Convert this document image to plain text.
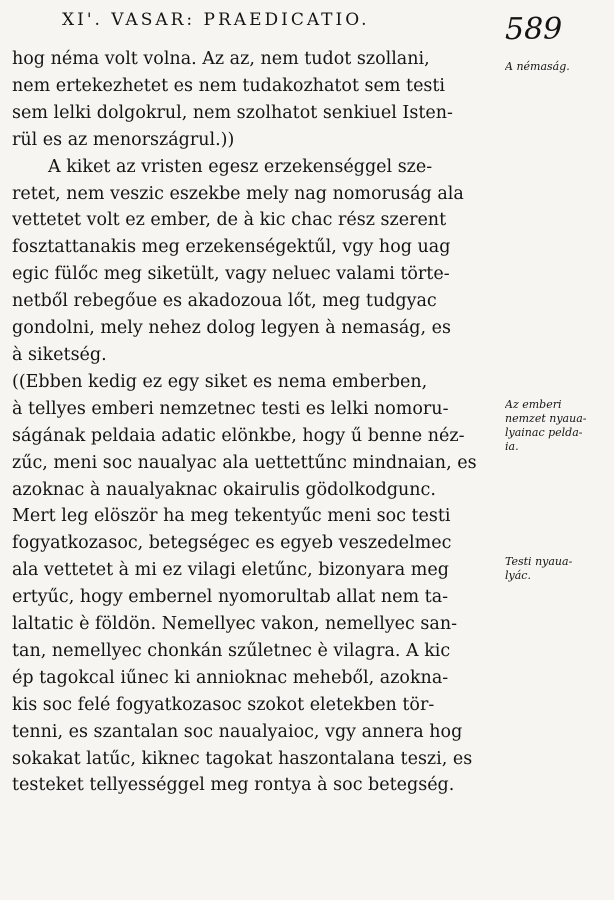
XI'. VASAR: PRAEDICATIO.	589
hog néma volt volna. Az az, nem tudot szollani,
nem ertekezhetet es nem tudakozhatot sem testi
sem lelki dolgokrul, nem szolhatot senkiuel Isten-
rül es az menországrul.))
A kiket az vristen egesz erzekenséggel sze-
retet, nem veszic eszekbe mely nag nomoruság ala
vettetet volt ez ember, de à kic chac rész szerent
fosztattanakis meg erzekenségektűl, vgy hog uag
egic fülőc meg siketült, vagy neluec valami törte-
netből rebegőue es akadozoua lőt, meg tudgyac
gondolni, mely nehez dolog legyen à nemaság, es
à siketség.
((Ebben kedig ez egy siket es nema emberben,
à tellyes emberi nemzetnec testi es lelki nomoru-
ságának peldaia adatic elönkbe, hogy ű benne néz-
zűc, meni soc naualyac ala uettettűnc mindnaian, es
azoknac à naualyaknac okairulis gödolkodgunc.
Mert leg elöször ha meg tekentyűc meni soc testi
fogyatkozasoc, betegségec es egyeb veszedelmec
ala vettetet à mi ez vilagi eletűnc, bizonyara meg
ertyűc, hogy embernel nyomorultab allat nem ta-
laltatic è földön. Nemellyec vakon, nemellyec san-
tan, nemellyec chonkán szűletnec è vilagra. A kic
ép tagokcal iűnec ki annioknac meheből, azokna-
kis soc felé fogyatkozasoc szokot eletekben tör-
tenni, es szantalan soc naualyaioc, vgy annera hog
sokakat latűc, kiknec tagokat haszontalana teszi, es
testeket tellyességgel meg rontya à soc betegség.
A némaság.
Az emberi
nemzet nyaua-
lyainac pelda-
ia.
Testi nyaua-
lyác.
